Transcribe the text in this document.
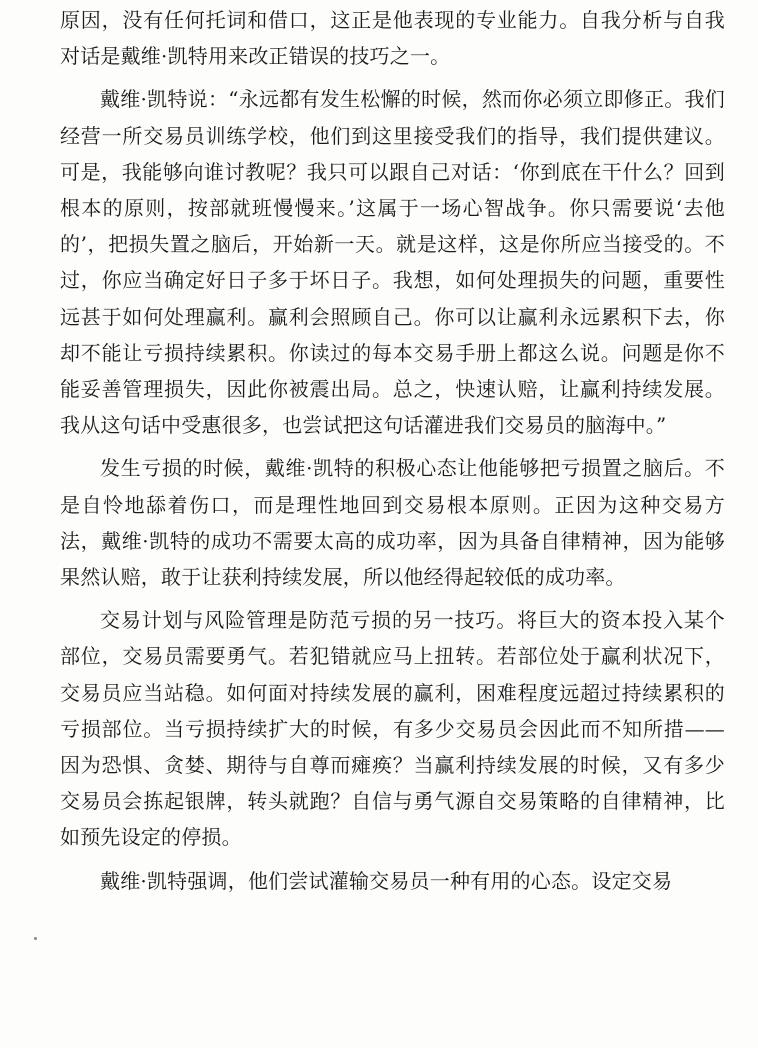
原因，没有任何托词和借口，这正是他表现的专业能力。自我分析与自我对话是戴维·凯特用来改正错误的技巧之一。

戴维·凯特说：“永远都有发生松懈的时候，然而你必须立即修正。我们经营一所交易员训练学校，他们到这里接受我们的指导，我们提供建议。可是，我能够向谁讨教呢？我只可以跟自己对话：‘你到底在干什么？回到根本的原则，按部就班慢慢来。’这属于一场心智战争。你只需要说‘去他的’，把损失置之脑后，开始新一天。就是这样，这是你所应当接受的。不过，你应当确定好日子多于坏日子。我想，如何处理损失的问题，重要性远甚于如何处理赢利。赢利会照顾自己。你可以让赢利永远累积下去，你却不能让亏损持续累积。你读过的每本交易手册上都这么说。问题是你不能妥善管理损失，因此你被震出局。总之，快速认赔，让赢利持续发展。我从这句话中受惠很多，也尝试把这句话灌进我们交易员的脑海中。”

发生亏损的时候，戴维·凯特的积极心态让他能够把亏损置之脑后。不是自怜地舔着伤口，而是理性地回到交易根本原则。正因为这种交易方法，戴维·凯特的成功不需要太高的成功率，因为具备自律精神，因为能够果然认赔，敢于让获利持续发展，所以他经得起较低的成功率。

交易计划与风险管理是防范亏损的另一技巧。将巨大的资本投入某个部位，交易员需要勇气。若犯错就应马上扭转。若部位处于赢利状况下，交易员应当站稳。如何面对持续发展的赢利，困难程度远超过持续累积的亏损部位。当亏损持续扩大的时候，有多少交易员会因此而不知所措——因为恐惧、贪婪、期待与自尊而瘫痪？当赢利持续发展的时候，又有多少交易员会拣起银牌，转头就跑？自信与勇气源自交易策略的自律精神，比如预先设定的停损。

戴维·凯特强调，他们尝试灌输交易员一种有用的心态。设定交易
